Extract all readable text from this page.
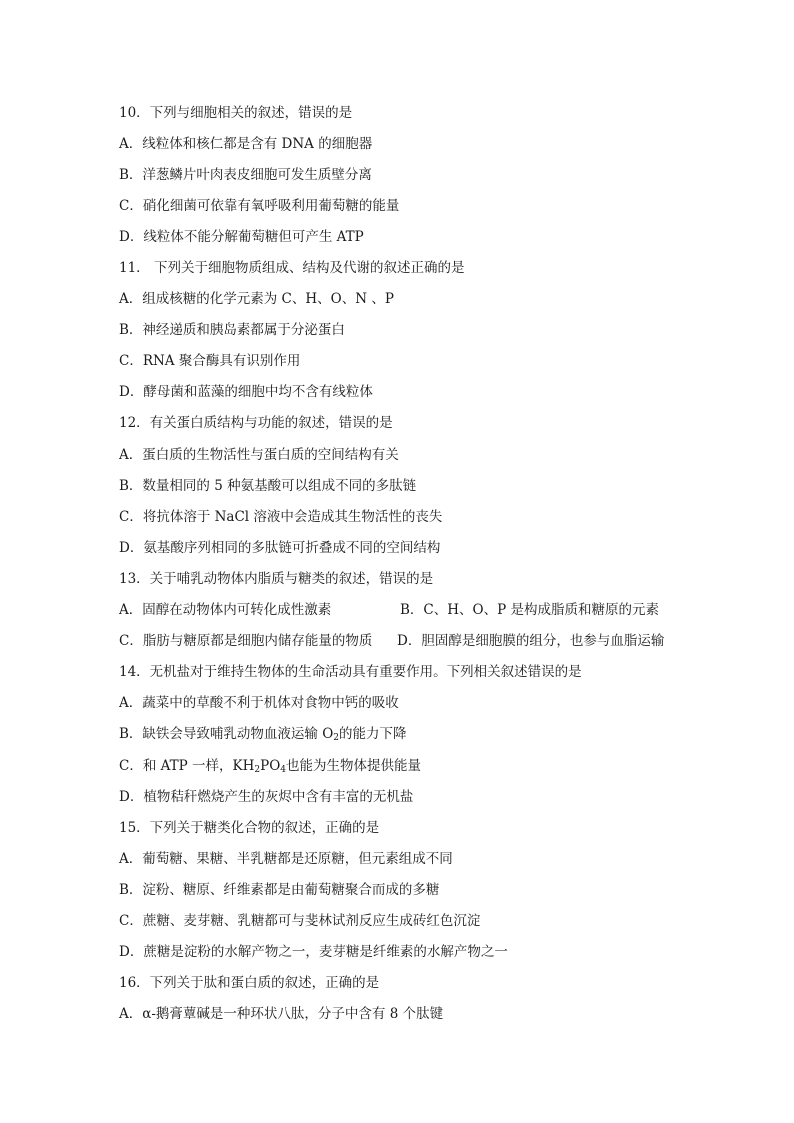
10．下列与细胞相关的叙述，错误的是
A．线粒体和核仁都是含有 DNA 的细胞器
B．洋葱鳞片叶肉表皮细胞可发生质壁分离
C．硝化细菌可依靠有氧呼吸利用葡萄糖的能量
D．线粒体不能分解葡萄糖但可产生 ATP
11． 下列关于细胞物质组成、结构及代谢的叙述正确的是
A．组成核糖的化学元素为 C、H、O、N 、P
B．神经递质和胰岛素都属于分泌蛋白
C．RNA 聚合酶具有识别作用
D．酵母菌和蓝藻的细胞中均不含有线粒体
12．有关蛋白质结构与功能的叙述，错误的是
A．蛋白质的生物活性与蛋白质的空间结构有关
B．数量相同的 5 种氨基酸可以组成不同的多肽链
C．将抗体溶于 NaCl 溶液中会造成其生物活性的丧失
D．氨基酸序列相同的多肽链可折叠成不同的空间结构
13．关于哺乳动物体内脂质与糖类的叙述，错误的是
A．固醇在动物体内可转化成性激素	B．C、H、O、P 是构成脂质和糖原的元素
C．脂肪与糖原都是细胞内储存能量的物质 D．胆固醇是细胞膜的组分，也参与血脂运输
14．无机盐对于维持生物体的生命活动具有重要作用。下列相关叙述错误的是
A．蔬菜中的草酸不利于机体对食物中钙的吸收
B．缺铁会导致哺乳动物血液运输 $O_2$的能力下降
C．和 ATP 一样，$KH_2PO_4$也能为生物体提供能量
D．植物秸秆燃烧产生的灰烬中含有丰富的无机盐
15．下列关于糖类化合物的叙述，正确的是
A．葡萄糖、果糖、半乳糖都是还原糖，但元素组成不同
B．淀粉、糖原、纤维素都是由葡萄糖聚合而成的多糖
C．蔗糖、麦芽糖、乳糖都可与斐林试剂反应生成砖红色沉淀
D．蔗糖是淀粉的水解产物之一，麦芽糖是纤维素的水解产物之一
16．下列关于肽和蛋白质的叙述，正确的是
A．α-鹅膏蕈碱是一种环状八肽，分子中含有 8 个肽键
